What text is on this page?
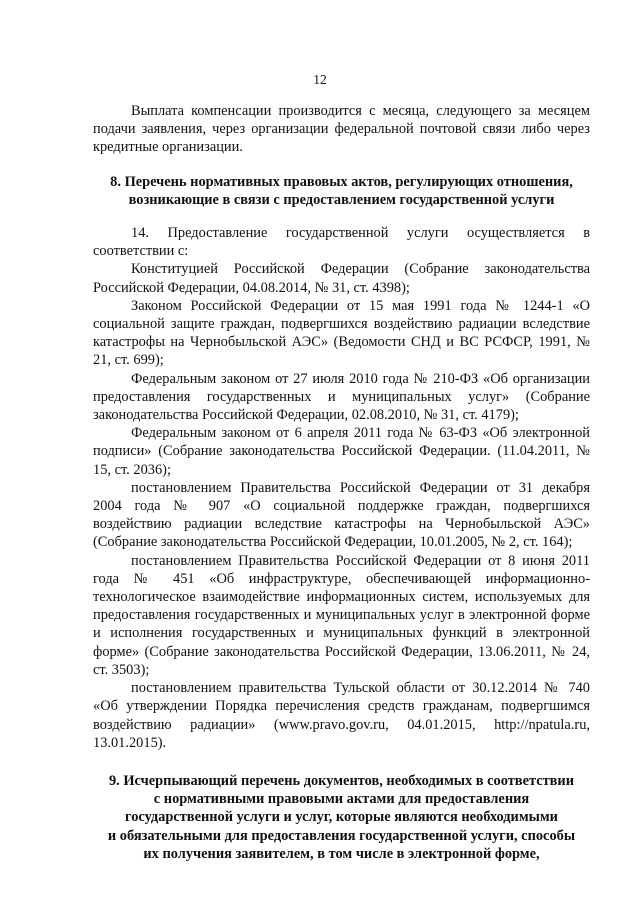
12

Выплата компенсации производится с месяца, следующего за месяцем подачи заявления, через организации федеральной почтовой связи либо через кредитные организации.

8. Перечень нормативных правовых актов, регулирующих отношения,
возникающие в связи с предоставлением государственной услуги

14. Предоставление государственной услуги осуществляется в соответствии с:

Конституцией Российской Федерации (Собрание законодательства Российской Федерации, 04.08.2014, № 31, ст. 4398);

Законом Российской Федерации от 15 мая 1991 года № 1244-1 «О социальной защите граждан, подвергшихся воздействию радиации вследствие катастрофы на Чернобыльской АЭС» (Ведомости СНД и ВС РСФСР, 1991, № 21, ст. 699);

Федеральным законом от 27 июля 2010 года № 210-ФЗ «Об организации предоставления государственных и муниципальных услуг» (Собрание законодательства Российской Федерации, 02.08.2010, № 31, ст. 4179);

Федеральным законом от 6 апреля 2011 года № 63-ФЗ «Об электронной подписи» (Собрание законодательства Российской Федерации. (11.04.2011, № 15, ст. 2036);

постановлением Правительства Российской Федерации от 31 декабря 2004 года № 907 «О социальной поддержке граждан, подвергшихся воздействию радиации вследствие катастрофы на Чернобыльской АЭС» (Собрание законодательства Российской Федерации, 10.01.2005, № 2, ст. 164);

постановлением Правительства Российской Федерации от 8 июня 2011 года № 451 «Об инфраструктуре, обеспечивающей информационно-технологическое взаимодействие информационных систем, используемых для предоставления государственных и муниципальных услуг в электронной форме и исполнения государственных и муниципальных функций в электронной форме» (Собрание законодательства Российской Федерации, 13.06.2011, № 24, ст. 3503);

постановлением правительства Тульской области от 30.12.2014 № 740 «Об утверждении Порядка перечисления средств гражданам, подвергшимся воздействию радиации» (www.pravo.gov.ru, 04.01.2015, http://npatula.ru, 13.01.2015).

9. Исчерпывающий перечень документов, необходимых в соответствии
с нормативными правовыми актами для предоставления
государственной услуги и услуг, которые являются необходимыми
и обязательными для предоставления государственной услуги, способы
их получения заявителем, в том числе в электронной форме,
